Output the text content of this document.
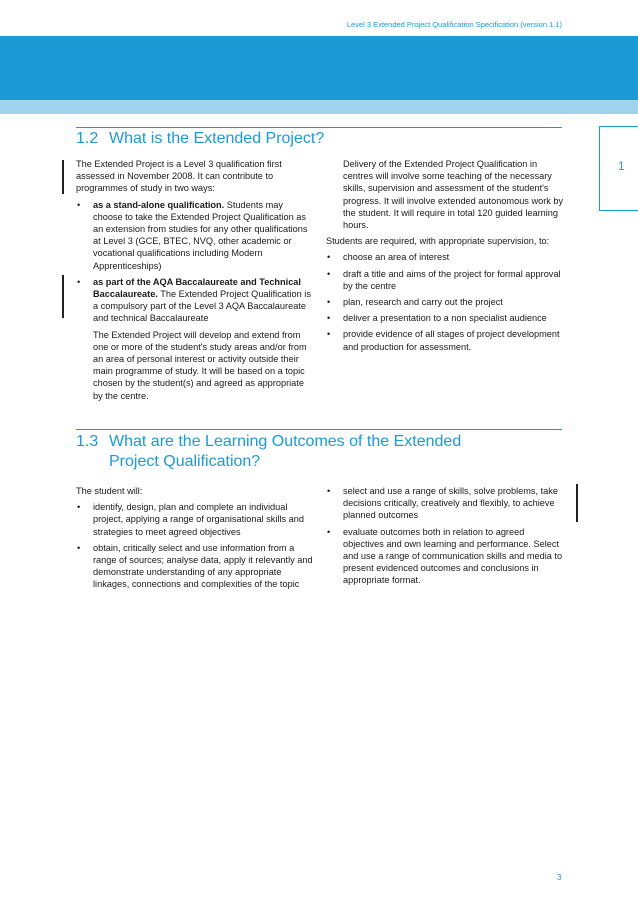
Level 3 Extended Project Qualification Specification (version 1.1)
1
1.2 What is the Extended Project?

The Extended Project is a Level 3 qualification first assessed in November 2008. It can contribute to programmes of study in two ways:

• as a stand-alone qualification. Students may choose to take the Extended Project Qualification as an extension from studies for any other qualifications at Level 3 (GCE, BTEC, NVQ, other academic or vocational qualifications including Modern Apprenticeships)
• as part of the AQA Baccalaureate and Technical Baccalaureate. The Extended Project Qualification is a compulsory part of the Level 3 AQA Baccalaureate and technical Baccalaureate

The Extended Project will develop and extend from one or more of the student's study areas and/or from an area of personal interest or activity outside their main programme of study. It will be based on a topic chosen by the student(s) and agreed as appropriate by the centre.

Delivery of the Extended Project Qualification in centres will involve some teaching of the necessary skills, supervision and assessment of the student's progress. It will involve extended autonomous work by the student. It will require in total 120 guided learning hours.

Students are required, with appropriate supervision, to:

• choose an area of interest
• draft a title and aims of the project for formal approval by the centre
• plan, research and carry out the project
• deliver a presentation to a non specialist audience
• provide evidence of all stages of project development and production for assessment.
1.3 What are the Learning Outcomes of the Extended
Project Qualification?

The student will:

• identify, design, plan and complete an individual project, applying a range of organisational skills and strategies to meet agreed objectives
• obtain, critically select and use information from a range of sources; analyse data, apply it relevantly and demonstrate understanding of any appropriate linkages, connections and complexities of the topic
• select and use a range of skills, solve problems, take decisions critically, creatively and flexibly, to achieve planned outcomes
• evaluate outcomes both in relation to agreed objectives and own learning and performance. Select and use a range of communication skills and media to present evidenced outcomes and conclusions in appropriate format.
3
